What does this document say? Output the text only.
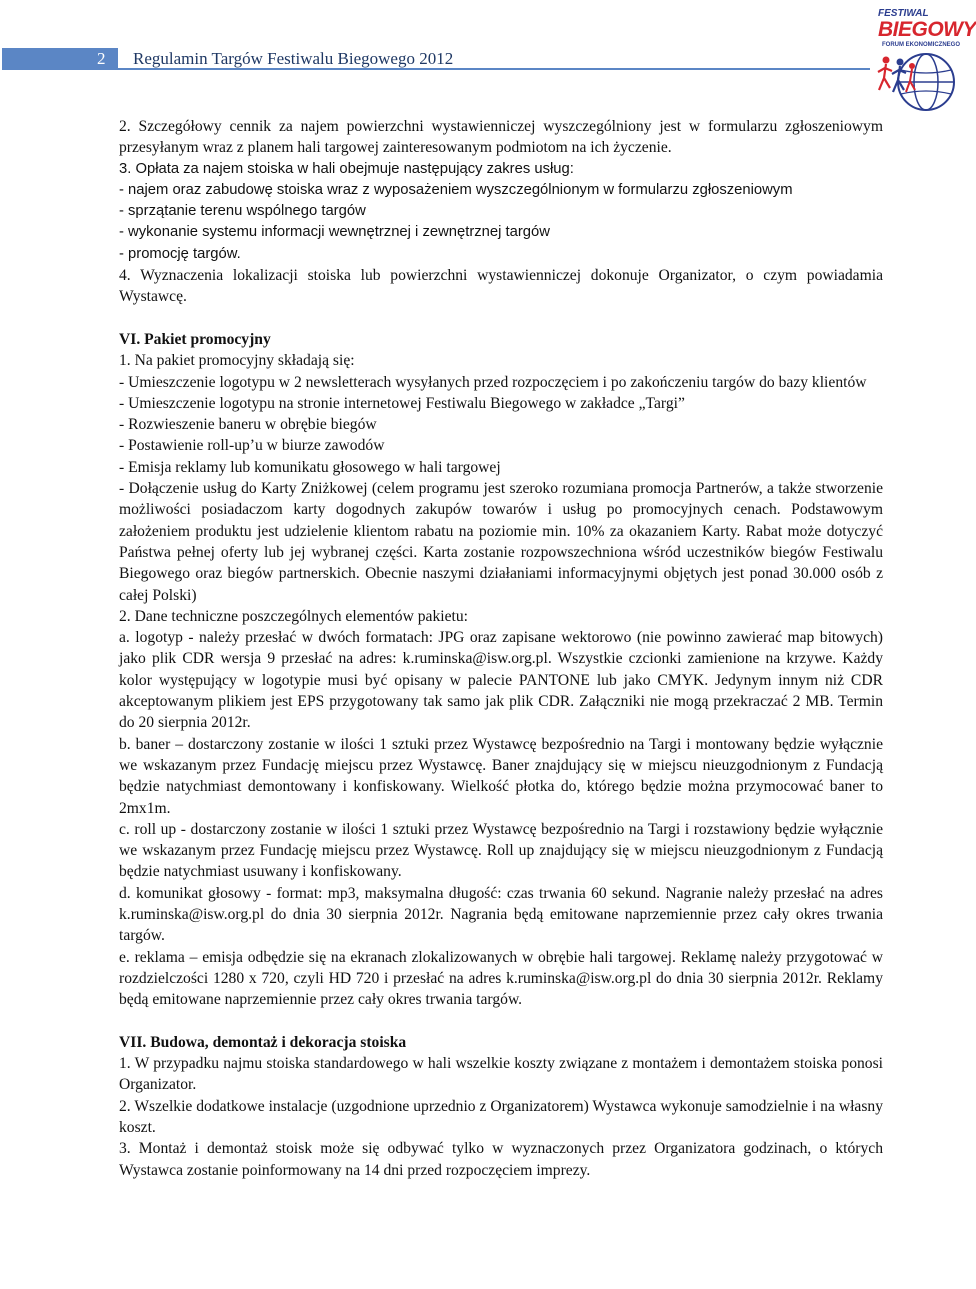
2	Regulamin Targów Festiwalu Biegowego 2012
FESTIWAL
BIEGOWY
FORUM EKONOMICZNEGO

2. Szczegółowy cennik za najem powierzchni wystawienniczej wyszczególniony jest w formularzu zgłoszeniowym przesyłanym wraz z planem hali targowej zainteresowanym podmiotom na ich życzenie.

3. Opłata za najem stoiska w hali obejmuje następujący zakres usług:

- najem oraz zabudowę stoiska wraz z wyposażeniem wyszczególnionym w formularzu zgłoszeniowym

- sprzątanie terenu wspólnego targów

- wykonanie systemu informacji wewnętrznej i zewnętrznej targów

- promocję targów.

4. Wyznaczenia lokalizacji stoiska lub powierzchni wystawienniczej dokonuje Organizator, o czym powiadamia Wystawcę.

VI. Pakiet promocyjny

1. Na pakiet promocyjny składają się:

- Umieszczenie logotypu w 2 newsletterach wysyłanych przed rozpoczęciem i po zakończeniu targów do bazy klientów

- Umieszczenie logotypu na stronie internetowej Festiwalu Biegowego w zakładce „Targi”

- Rozwieszenie baneru w obrębie biegów

- Postawienie roll-up’u w biurze zawodów

- Emisja reklamy lub komunikatu głosowego w hali targowej

- Dołączenie usług do Karty Zniżkowej (celem programu jest szeroko rozumiana promocja Partnerów, a także stworzenie możliwości posiadaczom karty dogodnych zakupów towarów i usług po promocyjnych cenach. Podstawowym założeniem produktu jest udzielenie klientom rabatu na poziomie min. 10% za okazaniem Karty. Rabat może dotyczyć Państwa pełnej oferty lub jej wybranej części. Karta zostanie rozpowszechniona wśród uczestników biegów Festiwalu Biegowego oraz biegów partnerskich. Obecnie naszymi działaniami informacyjnymi objętych jest ponad 30.000 osób z całej Polski)

2. Dane techniczne poszczególnych elementów pakietu:

a. logotyp - należy przesłać w dwóch formatach: JPG oraz zapisane wektorowo (nie powinno zawierać map bitowych) jako plik CDR wersja 9 przesłać na adres: k.ruminska@isw.org.pl. Wszystkie czcionki zamienione na krzywe. Każdy kolor występujący w logotypie musi być opisany w palecie PANTONE lub jako CMYK. Jedynym innym niż CDR akceptowanym plikiem jest EPS przygotowany tak samo jak plik CDR. Załączniki nie mogą przekraczać 2 MB. Termin do 20 sierpnia 2012r.

b. baner – dostarczony zostanie w ilości 1 sztuki przez Wystawcę bezpośrednio na Targi i montowany będzie wyłącznie we wskazanym przez Fundację miejscu przez Wystawcę. Baner znajdujący się w miejscu nieuzgodnionym z Fundacją będzie natychmiast demontowany i konfiskowany. Wielkość płotka do, którego będzie można przymocować baner to 2mx1m.

c. roll up - dostarczony zostanie w ilości 1 sztuki przez Wystawcę bezpośrednio na Targi i rozstawiony będzie wyłącznie we wskazanym przez Fundację miejscu przez Wystawcę. Roll up znajdujący się w miejscu nieuzgodnionym z Fundacją będzie natychmiast usuwany i konfiskowany.

d. komunikat głosowy - format: mp3, maksymalna długość: czas trwania 60 sekund. Nagranie należy przesłać na adres k.ruminska@isw.org.pl do dnia 30 sierpnia 2012r. Nagrania będą emitowane naprzemiennie przez cały okres trwania targów.

e. reklama – emisja odbędzie się na ekranach zlokalizowanych w obrębie hali targowej. Reklamę należy przygotować w rozdzielczości 1280 x 720, czyli HD 720 i przesłać na adres k.ruminska@isw.org.pl do dnia 30 sierpnia 2012r. Reklamy będą emitowane naprzemiennie przez cały okres trwania targów.

VII. Budowa, demontaż i dekoracja stoiska

1. W przypadku najmu stoiska standardowego w hali wszelkie koszty związane z montażem i demontażem stoiska ponosi Organizator.

2. Wszelkie dodatkowe instalacje (uzgodnione uprzednio z Organizatorem) Wystawca wykonuje samodzielnie i na własny koszt.

3. Montaż i demontaż stoisk może się odbywać tylko w wyznaczonych przez Organizatora godzinach, o których Wystawca zostanie poinformowany na 14 dni przed rozpoczęciem imprezy.
